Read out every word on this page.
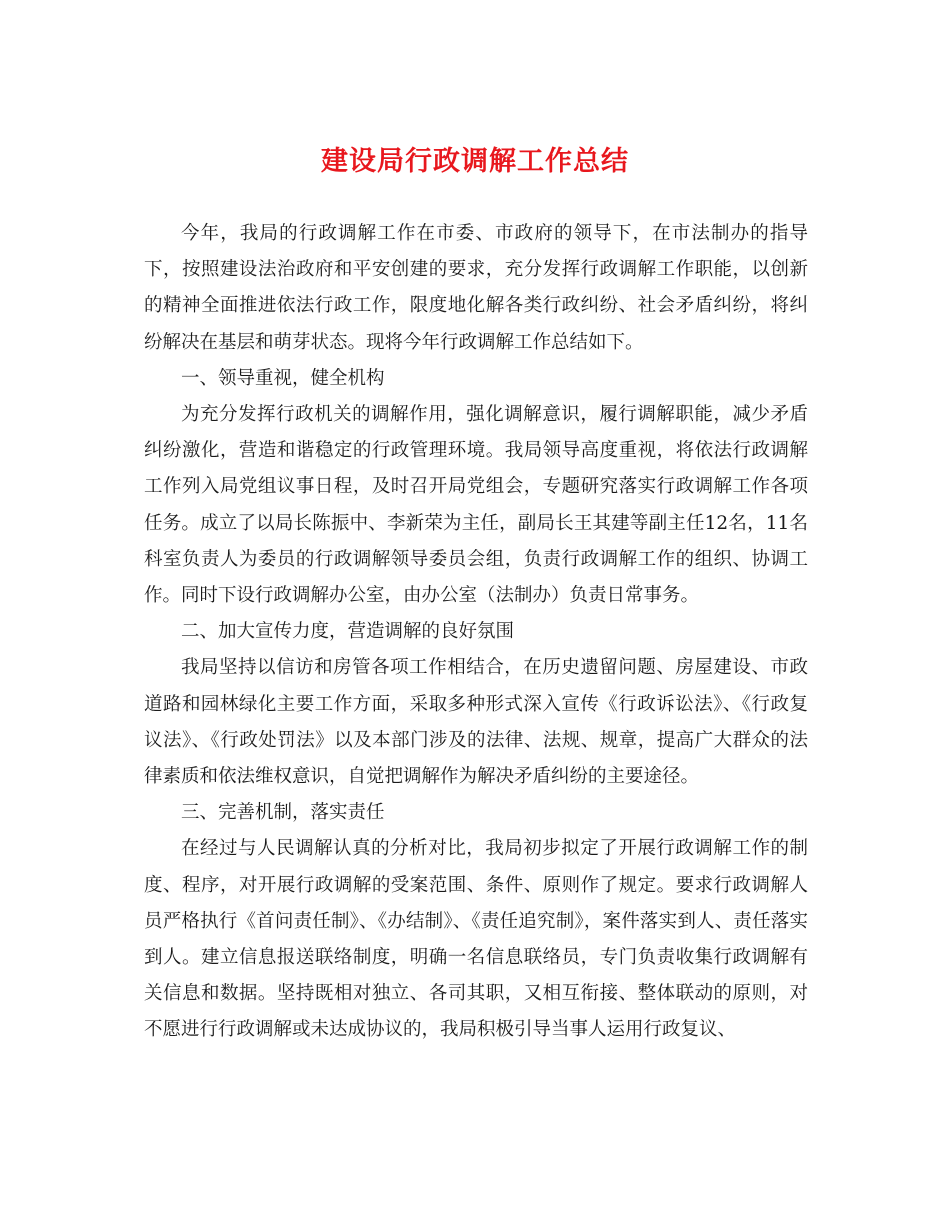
建设局行政调解工作总结

今年，我局的行政调解工作在市委、市政府的领导下，在市法制办的指导下，按照建设法治政府和平安创建的要求，充分发挥行政调解工作职能，以创新的精神全面推进依法行政工作，限度地化解各类行政纠纷、社会矛盾纠纷，将纠纷解决在基层和萌芽状态。现将今年行政调解工作总结如下。

一、领导重视，健全机构

为充分发挥行政机关的调解作用，强化调解意识，履行调解职能，减少矛盾纠纷激化，营造和谐稳定的行政管理环境。我局领导高度重视，将依法行政调解工作列入局党组议事日程，及时召开局党组会，专题研究落实行政调解工作各项任务。成立了以局长陈振中、李新荣为主任，副局长王其建等副主任12名，11名科室负责人为委员的行政调解领导委员会组，负责行政调解工作的组织、协调工作。同时下设行政调解办公室，由办公室（法制办）负责日常事务。

二、加大宣传力度，营造调解的良好氛围

我局坚持以信访和房管各项工作相结合，在历史遗留问题、房屋建设、市政道路和园林绿化主要工作方面，采取多种形式深入宣传《行政诉讼法》、《行政复议法》、《行政处罚法》以及本部门涉及的法律、法规、规章，提高广大群众的法律素质和依法维权意识，自觉把调解作为解决矛盾纠纷的主要途径。

三、完善机制，落实责任

在经过与人民调解认真的分析对比，我局初步拟定了开展行政调解工作的制度、程序，对开展行政调解的受案范围、条件、原则作了规定。要求行政调解人员严格执行《首问责任制》、《办结制》、《责任追究制》，案件落实到人、责任落实到人。建立信息报送联络制度，明确一名信息联络员，专门负责收集行政调解有关信息和数据。坚持既相对独立、各司其职，又相互衔接、整体联动的原则，对不愿进行行政调解或未达成协议的，我局积极引导当事人运用行政复议、
